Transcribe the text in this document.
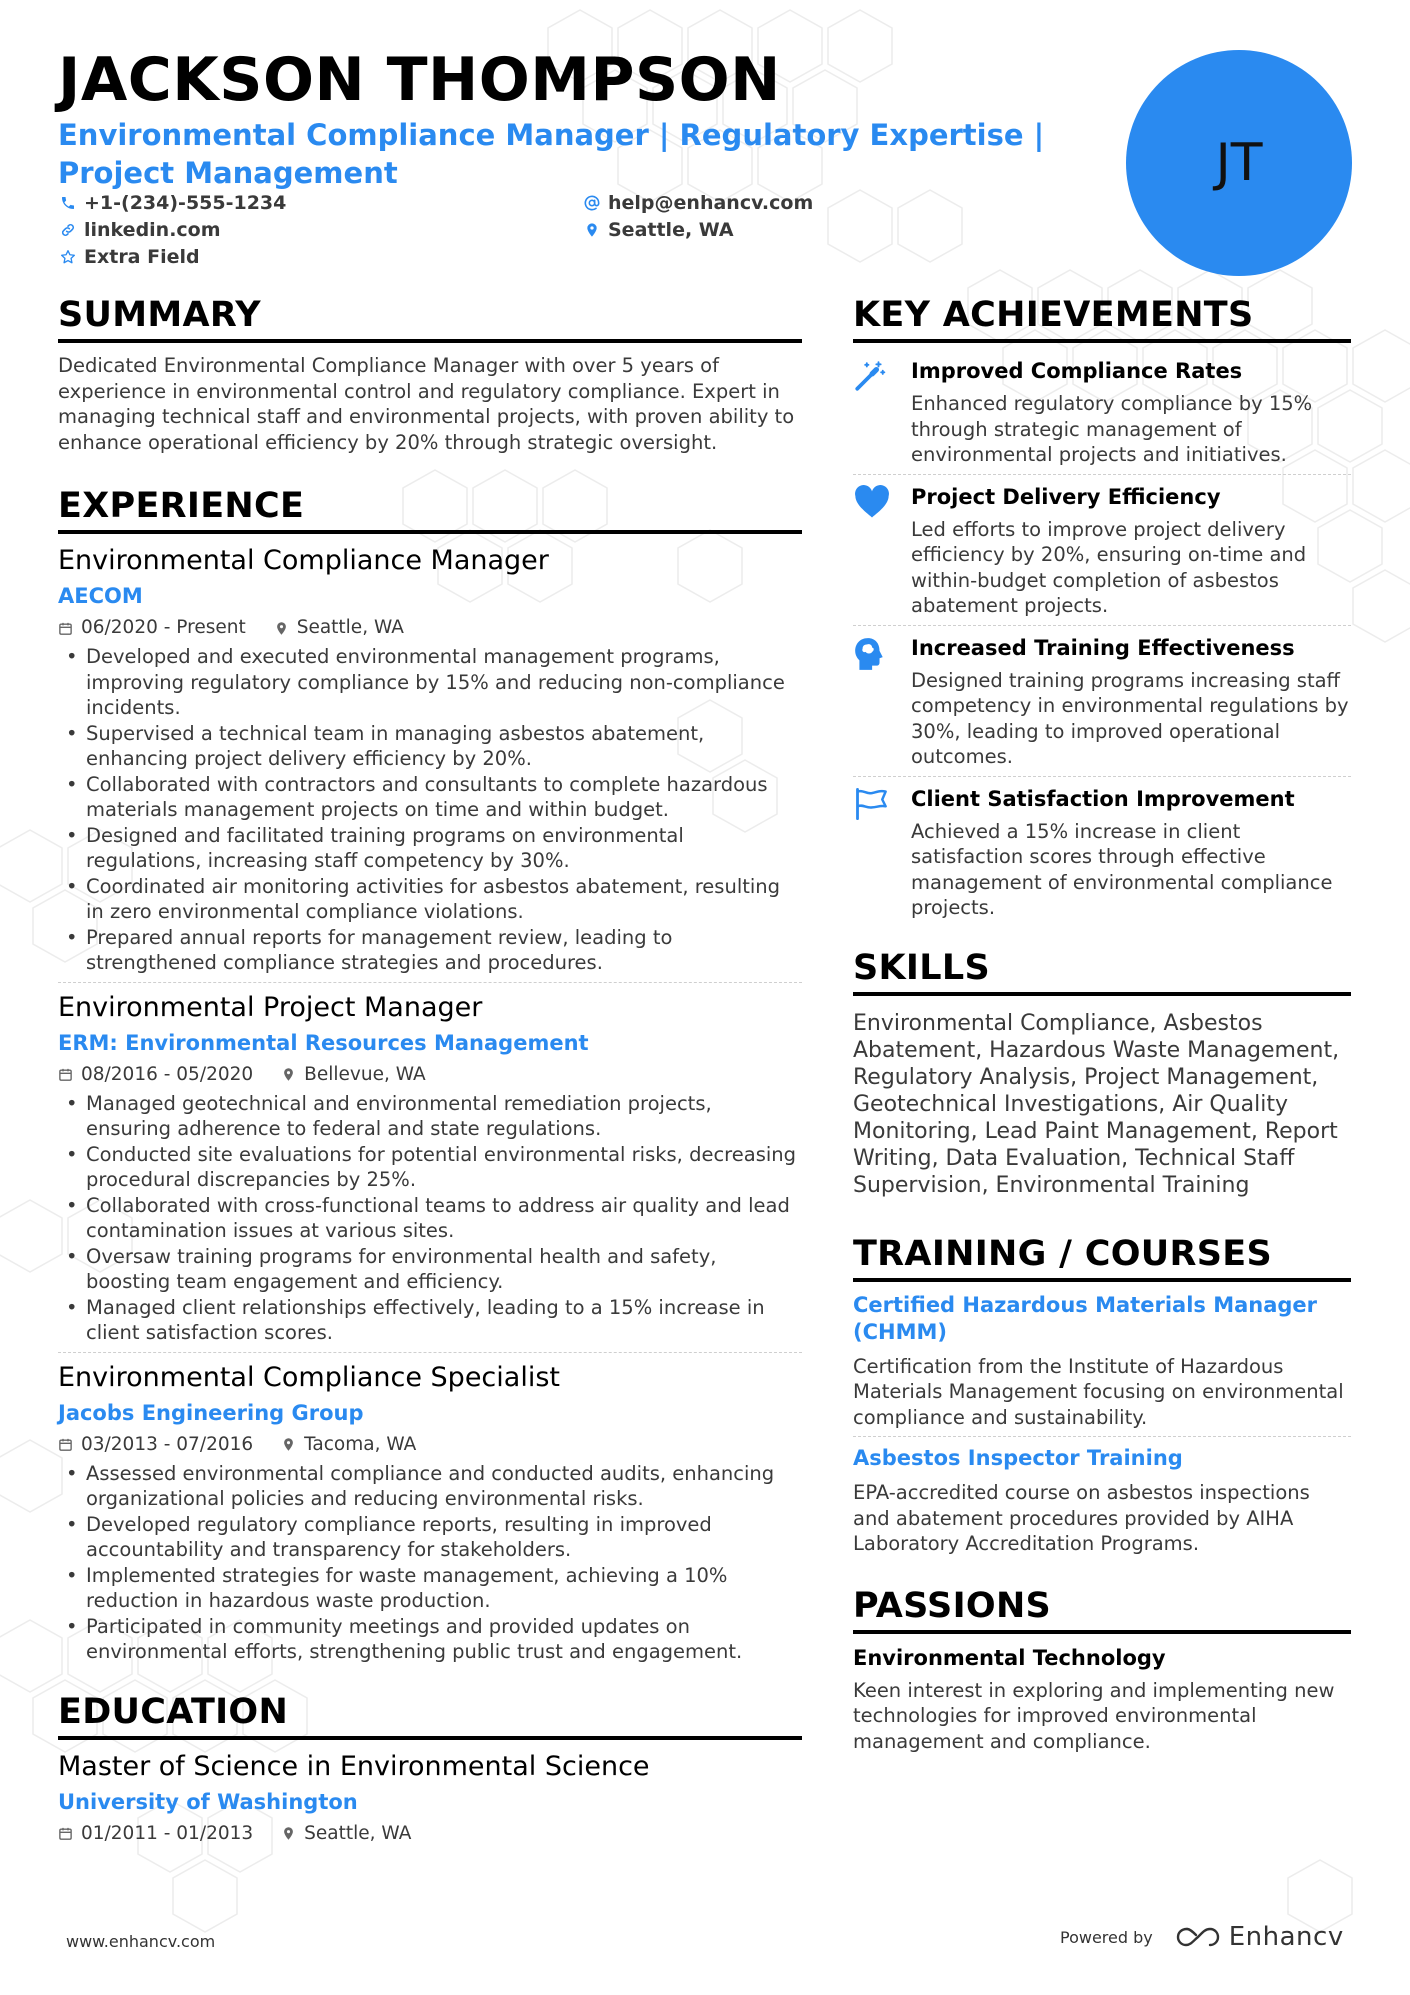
JACKSON THOMPSON
Environmental Compliance Manager | Regulatory Expertise | Project Management
+1-(234)-555-1234	help@enhancv.com
linkedin.com	Seattle, WA
Extra Field
JT
SUMMARY
Dedicated Environmental Compliance Manager with over 5 years of experience in environmental control and regulatory compliance. Expert in managing technical staff and environmental projects, with proven ability to enhance operational efficiency by 20% through strategic oversight.
EXPERIENCE
Environmental Compliance Manager
AECOM
06/2020 - Present	Seattle, WA
• Developed and executed environmental management programs, improving regulatory compliance by 15% and reducing non-compliance incidents.
• Supervised a technical team in managing asbestos abatement, enhancing project delivery efficiency by 20%.
• Collaborated with contractors and consultants to complete hazardous materials management projects on time and within budget.
• Designed and facilitated training programs on environmental regulations, increasing staff competency by 30%.
• Coordinated air monitoring activities for asbestos abatement, resulting in zero environmental compliance violations.
• Prepared annual reports for management review, leading to strengthened compliance strategies and procedures.
Environmental Project Manager
ERM: Environmental Resources Management
08/2016 - 05/2020	Bellevue, WA
• Managed geotechnical and environmental remediation projects, ensuring adherence to federal and state regulations.
• Conducted site evaluations for potential environmental risks, decreasing procedural discrepancies by 25%.
• Collaborated with cross-functional teams to address air quality and lead contamination issues at various sites.
• Oversaw training programs for environmental health and safety, boosting team engagement and efficiency.
• Managed client relationships effectively, leading to a 15% increase in client satisfaction scores.
Environmental Compliance Specialist
Jacobs Engineering Group
03/2013 - 07/2016	Tacoma, WA
• Assessed environmental compliance and conducted audits, enhancing organizational policies and reducing environmental risks.
• Developed regulatory compliance reports, resulting in improved accountability and transparency for stakeholders.
• Implemented strategies for waste management, achieving a 10% reduction in hazardous waste production.
• Participated in community meetings and provided updates on environmental efforts, strengthening public trust and engagement.
EDUCATION
Master of Science in Environmental Science
University of Washington
01/2011 - 01/2013	Seattle, WA
KEY ACHIEVEMENTS
Improved Compliance Rates
Enhanced regulatory compliance by 15% through strategic management of environmental projects and initiatives.
Project Delivery Efficiency
Led efforts to improve project delivery efficiency by 20%, ensuring on-time and within-budget completion of asbestos abatement projects.
Increased Training Effectiveness
Designed training programs increasing staff competency in environmental regulations by 30%, leading to improved operational outcomes.
Client Satisfaction Improvement
Achieved a 15% increase in client satisfaction scores through effective management of environmental compliance projects.
SKILLS
Environmental Compliance, Asbestos Abatement, Hazardous Waste Management, Regulatory Analysis, Project Management, Geotechnical Investigations, Air Quality Monitoring, Lead Paint Management, Report Writing, Data Evaluation, Technical Staff Supervision, Environmental Training
TRAINING / COURSES
Certified Hazardous Materials Manager (CHMM)
Certification from the Institute of Hazardous Materials Management focusing on environmental compliance and sustainability.
Asbestos Inspector Training
EPA-accredited course on asbestos inspections and abatement procedures provided by AIHA Laboratory Accreditation Programs.
PASSIONS
Environmental Technology
Keen interest in exploring and implementing new technologies for improved environmental management and compliance.
www.enhancv.com	Powered by	Enhancv
